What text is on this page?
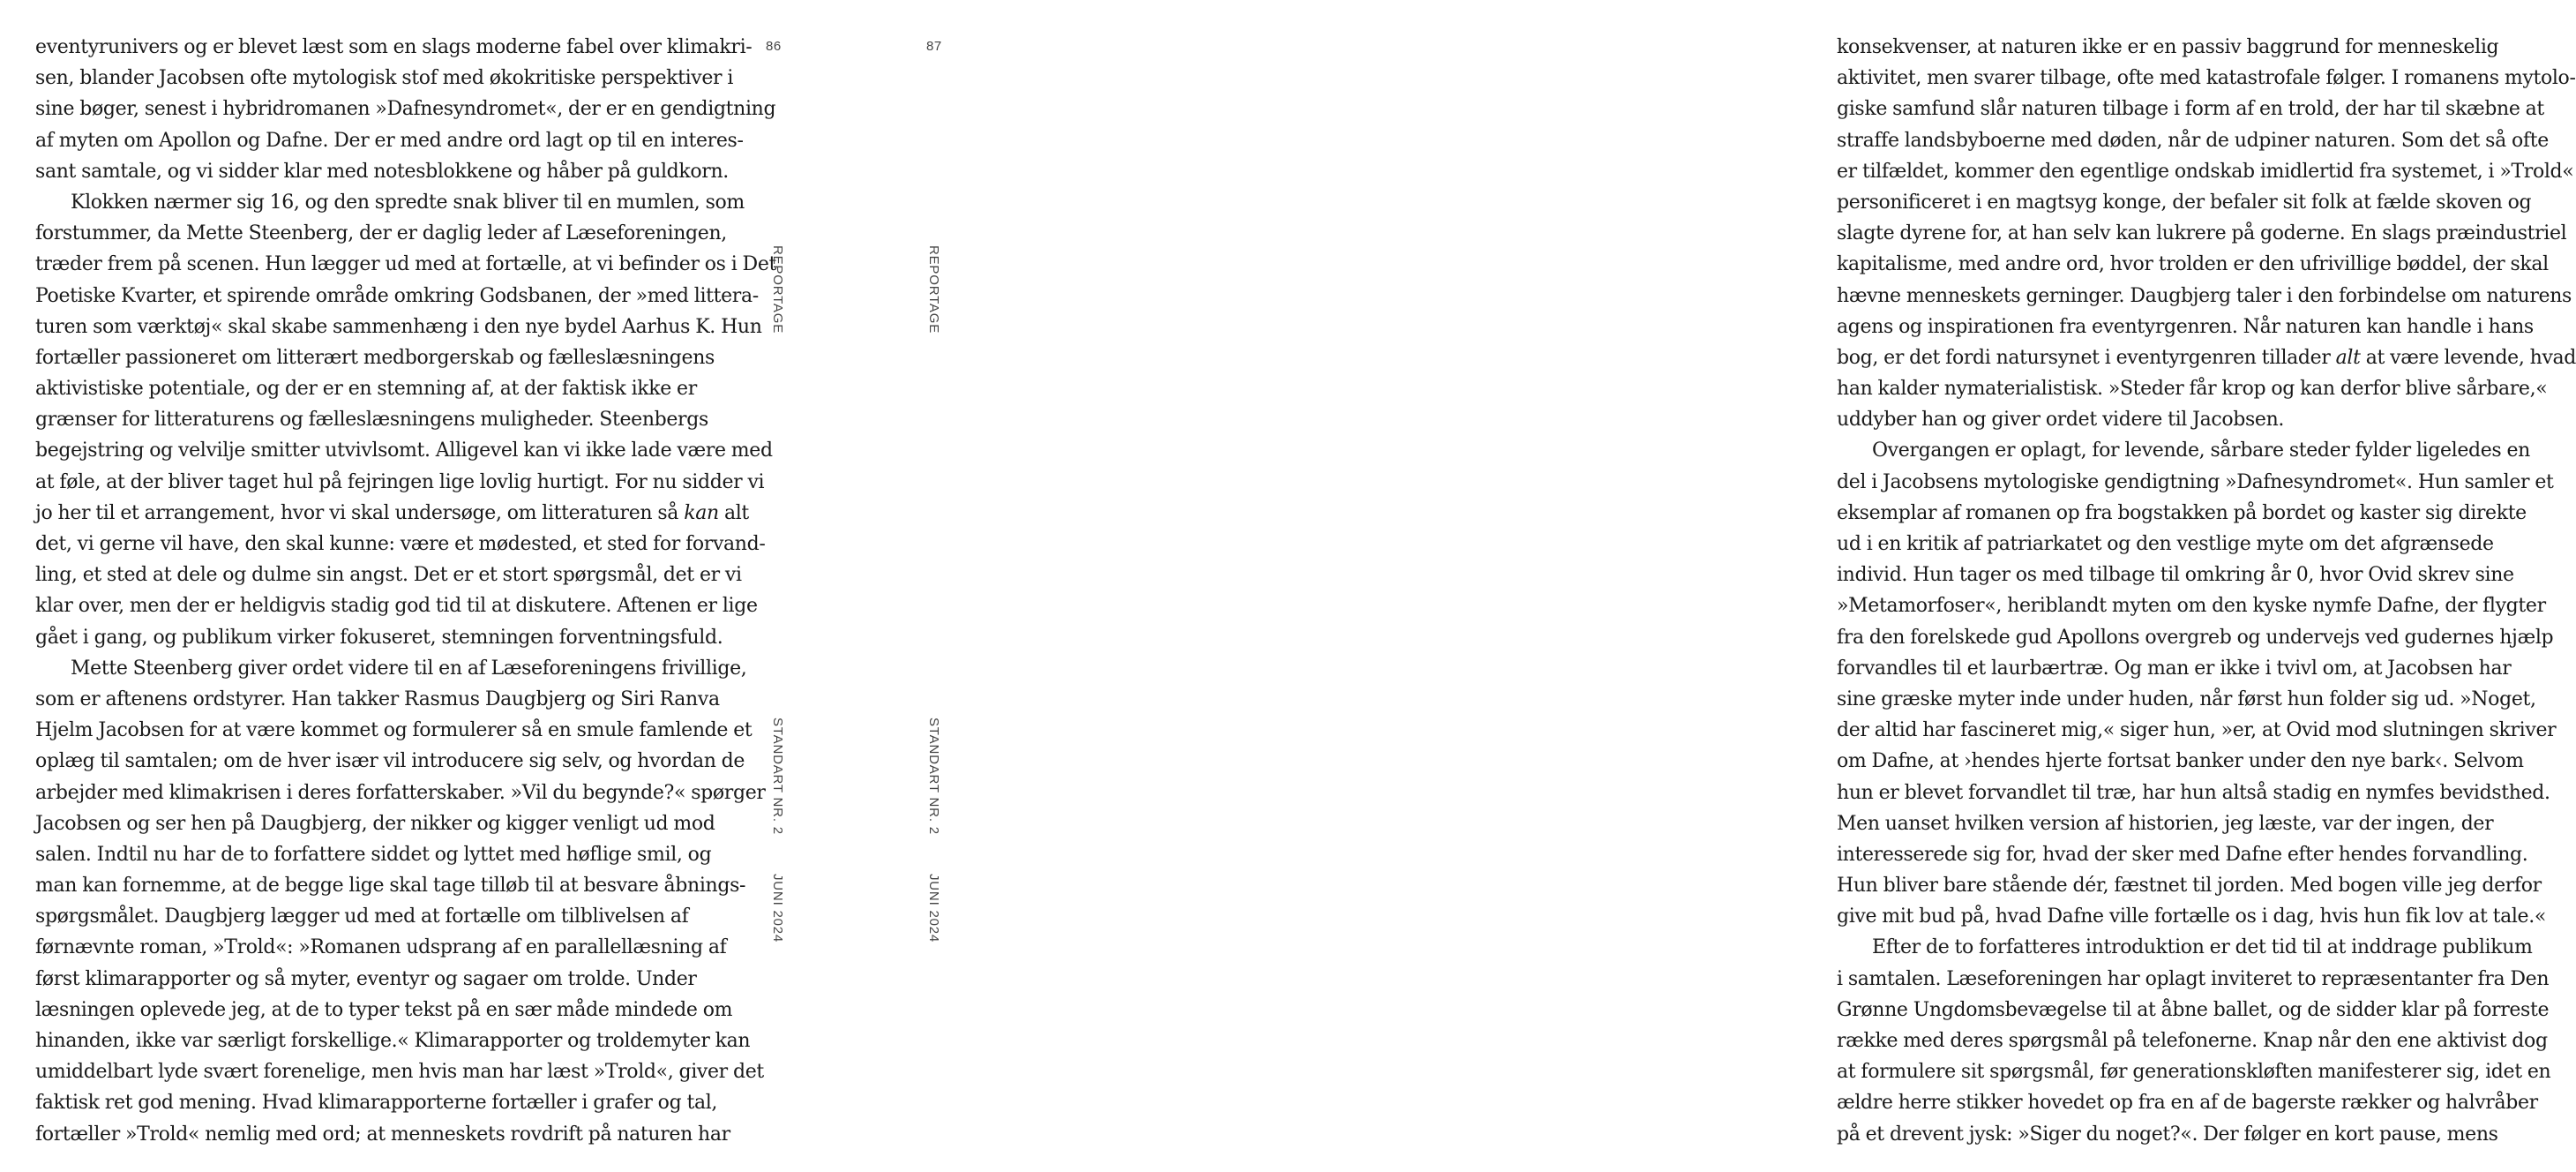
eventyrunivers og er blevet læst som en slags moderne fabel over klimakri-
sen, blander Jacobsen ofte mytologisk stof med økokritiske perspektiver i
sine bøger, senest i hybridromanen »Dafnesyndromet«, der er en gendigtning
af myten om Apollon og Dafne. Der er med andre ord lagt op til en interes-
sant samtale, og vi sidder klar med notesblokkene og håber på guldkorn.
Klokken nærmer sig 16, og den spredte snak bliver til en mumlen, som
forstummer, da Mette Steenberg, der er daglig leder af Læseforeningen,
træder frem på scenen. Hun lægger ud med at fortælle, at vi befinder os i Det
Poetiske Kvarter, et spirende område omkring Godsbanen, der »med littera-
turen som værktøj« skal skabe sammenhæng i den nye bydel Aarhus K. Hun
fortæller passioneret om litterært medborgerskab og fælleslæsningens
aktivistiske potentiale, og der er en stemning af, at der faktisk ikke er
grænser for litteraturens og fælleslæsningens muligheder. Steenbergs
begejstring og velvilje smitter utvivlsomt. Alligevel kan vi ikke lade være med
at føle, at der bliver taget hul på fejringen lige lovlig hurtigt. For nu sidder vi
jo her til et arrangement, hvor vi skal undersøge, om litteraturen så kan alt
det, vi gerne vil have, den skal kunne: være et mødested, et sted for forvand-
ling, et sted at dele og dulme sin angst. Det er et stort spørgsmål, det er vi
klar over, men der er heldigvis stadig god tid til at diskutere. Aftenen er lige
gået i gang, og publikum virker fokuseret, stemningen forventningsfuld.
Mette Steenberg giver ordet videre til en af Læseforeningens frivillige,
som er aftenens ordstyrer. Han takker Rasmus Daugbjerg og Siri Ranva
Hjelm Jacobsen for at være kommet og formulerer så en smule famlende et
oplæg til samtalen; om de hver især vil introducere sig selv, og hvordan de
arbejder med klimakrisen i deres forfatterskaber. »Vil du begynde?« spørger
Jacobsen og ser hen på Daugbjerg, der nikker og kigger venligt ud mod
salen. Indtil nu har de to forfattere siddet og lyttet med høflige smil, og
man kan fornemme, at de begge lige skal tage tilløb til at besvare åbnings-
spørgsmålet. Daugbjerg lægger ud med at fortælle om tilblivelsen af
førnævnte roman, »Trold«: »Romanen udsprang af en parallellæsning af
først klimarapporter og så myter, eventyr og sagaer om trolde. Under
læsningen oplevede jeg, at de to typer tekst på en sær måde mindede om
hinanden, ikke var særligt forskellige.« Klimarapporter og troldemyter kan
umiddelbart lyde svært forenelige, men hvis man har læst »Trold«, giver det
faktisk ret god mening. Hvad klimarapporterne fortæller i grafer og tal,
fortæller »Trold« nemlig med ord; at menneskets rovdrift på naturen har
konsekvenser, at naturen ikke er en passiv baggrund for menneskelig
aktivitet, men svarer tilbage, ofte med katastrofale følger. I romanens mytolo-
giske samfund slår naturen tilbage i form af en trold, der har til skæbne at
straffe landsbyboerne med døden, når de udpiner naturen. Som det så ofte
er tilfældet, kommer den egentlige ondskab imidlertid fra systemet, i »Trold«
personificeret i en magtsyg konge, der befaler sit folk at fælde skoven og
slagte dyrene for, at han selv kan lukrere på goderne. En slags præindustriel
kapitalisme, med andre ord, hvor trolden er den ufrivillige bøddel, der skal
hævne menneskets gerninger. Daugbjerg taler i den forbindelse om naturens
agens og inspirationen fra eventyrgenren. Når naturen kan handle i hans
bog, er det fordi natursynet i eventyrgenren tillader alt at være levende, hvad
han kalder nymaterialistisk. »Steder får krop og kan derfor blive sårbare,«
uddyber han og giver ordet videre til Jacobsen.
Overgangen er oplagt, for levende, sårbare steder fylder ligeledes en
del i Jacobsens mytologiske gendigtning »Dafnesyndromet«. Hun samler et
eksemplar af romanen op fra bogstakken på bordet og kaster sig direkte
ud i en kritik af patriarkatet og den vestlige myte om det afgrænsede
individ. Hun tager os med tilbage til omkring år 0, hvor Ovid skrev sine
»Metamorfoser«, heriblandt myten om den kyske nymfe Dafne, der flygter
fra den forelskede gud Apollons overgreb og undervejs ved gudernes hjælp
forvandles til et laurbærtræ. Og man er ikke i tvivl om, at Jacobsen har
sine græske myter inde under huden, når først hun folder sig ud. »Noget,
der altid har fascineret mig,« siger hun, »er, at Ovid mod slutningen skriver
om Dafne, at ›hendes hjerte fortsat banker under den nye bark‹. Selvom
hun er blevet forvandlet til træ, har hun altså stadig en nymfes bevidsthed.
Men uanset hvilken version af historien, jeg læste, var der ingen, der
interesserede sig for, hvad der sker med Dafne efter hendes forvandling.
Hun bliver bare stående dér, fæstnet til jorden. Med bogen ville jeg derfor
give mit bud på, hvad Dafne ville fortælle os i dag, hvis hun fik lov at tale.«
Efter de to forfatteres introduktion er det tid til at inddrage publikum
i samtalen. Læseforeningen har oplagt inviteret to repræsentanter fra Den
Grønne Ungdomsbevægelse til at åbne ballet, og de sidder klar på forreste
række med deres spørgsmål på telefonerne. Knap når den ene aktivist dog
at formulere sit spørgsmål, før generationskløften manifesterer sig, idet en
ældre herre stikker hovedet op fra en af de bagerste rækker og halvråber
på et drevent jysk: »Siger du noget?«. Der følger en kort pause, mens
86
REPORTAGE
STANDART NR. 2
JUNI 2024
87
REPORTAGE
STANDART NR. 2
JUNI 2024
